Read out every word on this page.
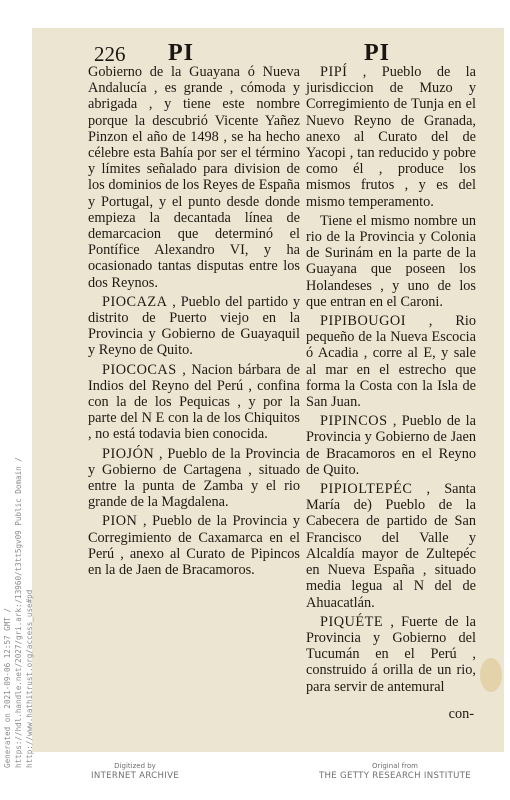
226 PI	PI

Gobierno de la Guayana ó Nueva Andalucía , es grande , cómoda y abrigada , y tiene este nombre porque la descubrió Vicente Yañez Pinzon el año de 1498 , se ha hecho célebre esta Bahía por ser el término y límites señalado para division de los dominios de los Reyes de España y Portugal, y el punto desde donde empieza la decantada línea de demarcacion que determinó el Pontífice Alexandro VI, y ha ocasionado tantas disputas entre los dos Reynos.

PIOCAZA , Pueblo del partido y distrito de Puerto viejo en la Provincia y Gobierno de Guayaquil y Reyno de Quito.

PIOCOCAS , Nacion bárbara de Indios del Reyno del Perú , confina con la de los Pequicas , y por la parte del N E con la de los Chiquitos , no está todavia bien conocida.

PIOJÓN , Pueblo de la Provincia y Gobierno de Cartagena , situado entre la punta de Zamba y el rio grande de la Magdalena.

PION , Pueblo de la Provincia y Corregimiento de Caxamarca en el Perú , anexo al Curato de Pipincos en la de Jaen de Bracamoros.

PIPÍ , Pueblo de la jurisdiccion de Muzo y Corregimiento de Tunja en el Nuevo Reyno de Granada, anexo al Curato del de Yacopi , tan reducido y pobre como él , produce los mismos frutos , y es del mismo temperamento.

Tiene el mismo nombre un rio de la Provincia y Colonia de Surinám en la parte de la Guayana que poseen los Holandeses , y uno de los que entran en el Caroni.

PIPIBOUGOI , Rio pequeño de la Nueva Escocia ó Acadia , corre al E, y sale al mar en el estrecho que forma la Costa con la Isla de San Juan.

PIPINCOS , Pueblo de la Provincia y Gobierno de Jaen de Bracamoros en el Reyno de Quito.

PIPIOLTEPÉC , Santa María de) Pueblo de la Cabecera de partido de San Francisco del Valle y Alcaldía mayor de Zultepéc en Nueva España , situado media legua al N del de Ahuacatlán.

PIQUÉTE , Fuerte de la Provincia y Gobierno del Tucumán en el Perú , construido á orilla de un rio, para servir de antemural

con-
Generated on 2021-09-06 12:57 GMT / https://hdl.handle.net/2027/gri.ark:/13960/t3tt5gv09 Public Domain / http://www.hathitrust.org/access_use#pd	Digitized by
INTERNET ARCHIVE
Original from
THE GETTY RESEARCH INSTITUTE
